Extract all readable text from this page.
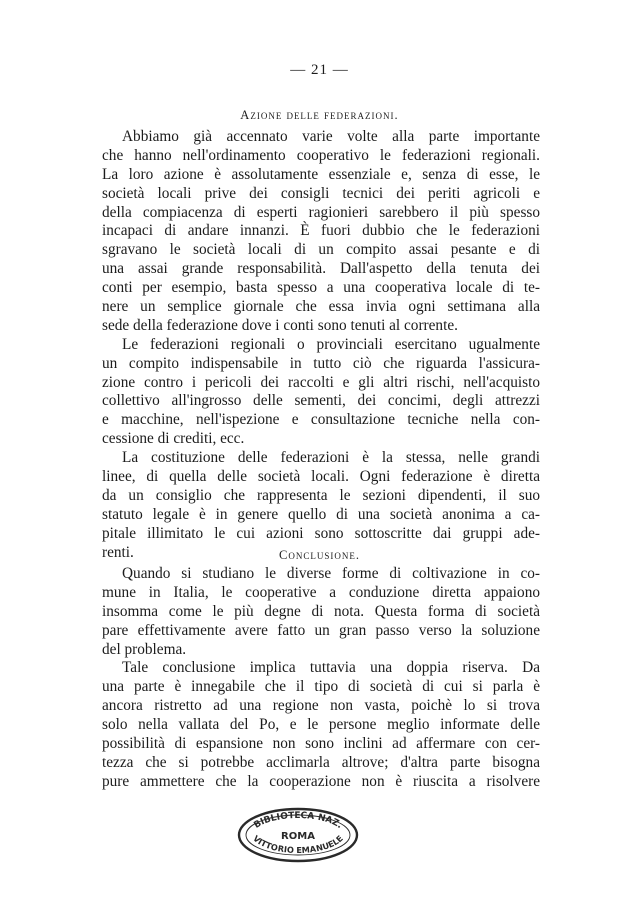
— 21 —
Azione delle federazioni.
Abbiamo già accennato varie volte alla parte importante
che hanno nell'ordinamento cooperativo le federazioni regionali.
La loro azione è assolutamente essenziale e, senza di esse, le
società locali prive dei consigli tecnici dei periti agricoli e
della compiacenza di esperti ragionieri sarebbero il più spesso
incapaci di andare innanzi. È fuori dubbio che le federazioni
sgravano le società locali di un compito assai pesante e di
una assai grande responsabilità. Dall'aspetto della tenuta dei
conti per esempio, basta spesso a una cooperativa locale di te-
nere un semplice giornale che essa invia ogni settimana alla
sede della federazione dove i conti sono tenuti al corrente.
Le federazioni regionali o provinciali esercitano ugualmente
un compito indispensabile in tutto ciò che riguarda l'assicura-
zione contro i pericoli dei raccolti e gli altri rischi, nell'acquisto
collettivo all'ingrosso delle sementi, dei concimi, degli attrezzi
e macchine, nell'ispezione e consultazione tecniche nella con-
cessione di crediti, ecc.
La costituzione delle federazioni è la stessa, nelle grandi
linee, di quella delle società locali. Ogni federazione è diretta
da un consiglio che rappresenta le sezioni dipendenti, il suo
statuto legale è in genere quello di una società anonima a ca-
pitale illimitato le cui azioni sono sottoscritte dai gruppi ade-
renti.	Conclusione.
Quando si studiano le diverse forme di coltivazione in co-
mune in Italia, le cooperative a conduzione diretta appaiono
insomma come le più degne di nota. Questa forma di società
pare effettivamente avere fatto un gran passo verso la soluzione
del problema.
Tale conclusione implica tuttavia una doppia riserva. Da
una parte è innegabile che il tipo di società di cui si parla è
ancora ristretto ad una regione non vasta, poichè lo si trova
solo nella vallata del Po, e le persone meglio informate delle
possibilità di espansione non sono inclini ad affermare con cer-
tezza che si potrebbe acclimarla altrove; d'altra parte bisogna
pure ammettere che la cooperazione non è riuscita a risolvere
BIBLIOTECA NAZ.
ROMA
VITTORIO EMANUELE
